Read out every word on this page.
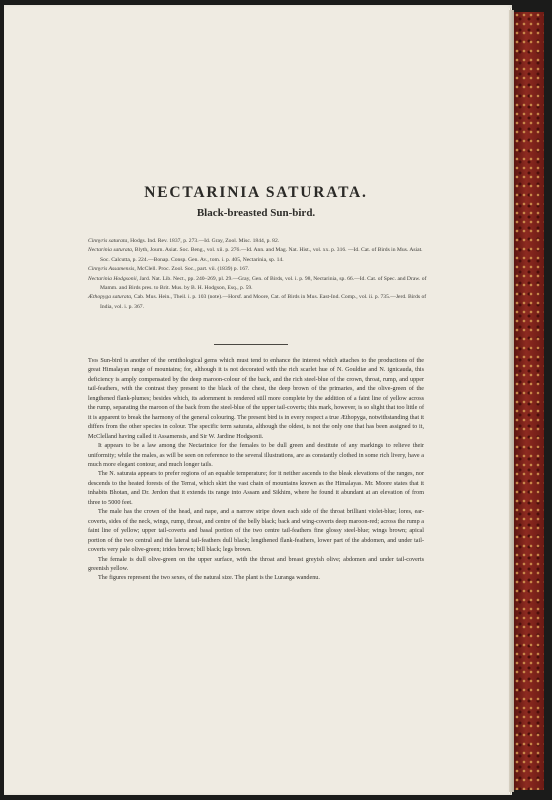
NECTARINIA SATURATA.
Black-breasted Sun-bird.
Cinnyris saturata, Hodgs. Ind. Rev. 1837, p. 273.—Id. Gray, Zool. Misc. 1844, p. 82.
Nectarinia saturata, Blyth, Journ. Asiat. Soc. Beng., vol. xii. p. 276.—Id. Ann. and Mag. Nat. Hist., vol. xx. p. 316. —Id. Cat. of Birds in Mus. Asiat. Soc. Calcutta, p. 224.—Bonap. Consp. Gen. Av., tom. i. p. 405, Nectarinia, sp. 14.
Cinnyris Assamensis, McClell. Proc. Zool. Soc., part. vii. (1839) p. 167.
Nectarinia Hodgsonii, Jard. Nat. Lib. Nect., pp. 240–269, pl. 29.—Gray, Gen. of Birds, vol. i. p. 98, Nectarinia, sp. 66.—Id. Cat. of Spec. and Draw. of Mamm. and Birds pres. to Brit. Mus. by B. H. Hodgson, Esq., p. 59.
Æthopyga saturata, Cab. Mus. Hein., Theil. i. p. 103 (note).—Horsf. and Moore, Cat. of Birds in Mus. East-Ind. Comp., vol. ii. p. 735.—Jerd. Birds of India, vol. i. p. 367.

This Sun-bird is another of the ornithological gems which must tend to enhance the interest which attaches to the productions of the great Himalayan range of mountains; for, although it is not decorated with the rich scarlet hue of N. Gouldiæ and N. ignicauda, this deficiency is amply compensated by the deep maroon-colour of the back, and the rich steel-blue of the crown, throat, rump, and upper tail-feathers, with the contrast they present to the black of the chest, the deep brown of the primaries, and the olive-green of the lengthened flank-plumes; besides which, its adornment is rendered still more complete by the addition of a faint line of yellow across the rump, separating the maroon of the back from the steel-blue of the upper tail-coverts; this mark, however, is so slight that too little of it is apparent to break the harmony of the general colouring. The present bird is in every respect a true Æthopyga, notwithstanding that it differs from the other species in colour. The specific term saturata, although the oldest, is not the only one that has been assigned to it, McClelland having called it Assamensis, and Sir W. Jardine Hodgsonii.

It appears to be a law among the Nectarinice for the females to be dull green and destitute of any markings to relieve their uniformity; while the males, as will be seen on reference to the several illustrations, are as constantly clothed in some rich livery, have a much more elegant contour, and much longer tails.

The N. saturata appears to prefer regions of an equable temperature; for it neither ascends to the bleak elevations of the ranges, nor descends to the heated forests of the Terrai, which skirt the vast chain of mountains known as the Himalayas. Mr. Moore states that it inhabits Bhotan, and Dr. Jerdon that it extends its range into Assam and Sikhim, where he found it abundant at an elevation of from three to 5000 feet.

The male has the crown of the head, and nape, and a narrow stripe down each side of the throat brilliant violet-blue; lores, ear-coverts, sides of the neck, wings, rump, throat, and centre of the belly black; back and wing-coverts deep maroon-red; across the rump a faint line of yellow; upper tail-coverts and basal portion of the two centre tail-feathers fine glossy steel-blue; wings brown; apical portion of the two central and the lateral tail-feathers dull black; lengthened flank-feathers, lower part of the abdomen, and under tail-coverts very pale olive-green; irides brown; bill black; legs brown.

The female is dull olive-green on the upper surface, with the throat and breast greyish olive; abdomen and under tail-coverts greenish yellow.

The figures represent the two sexes, of the natural size. The plant is the Luranga wandenu.
